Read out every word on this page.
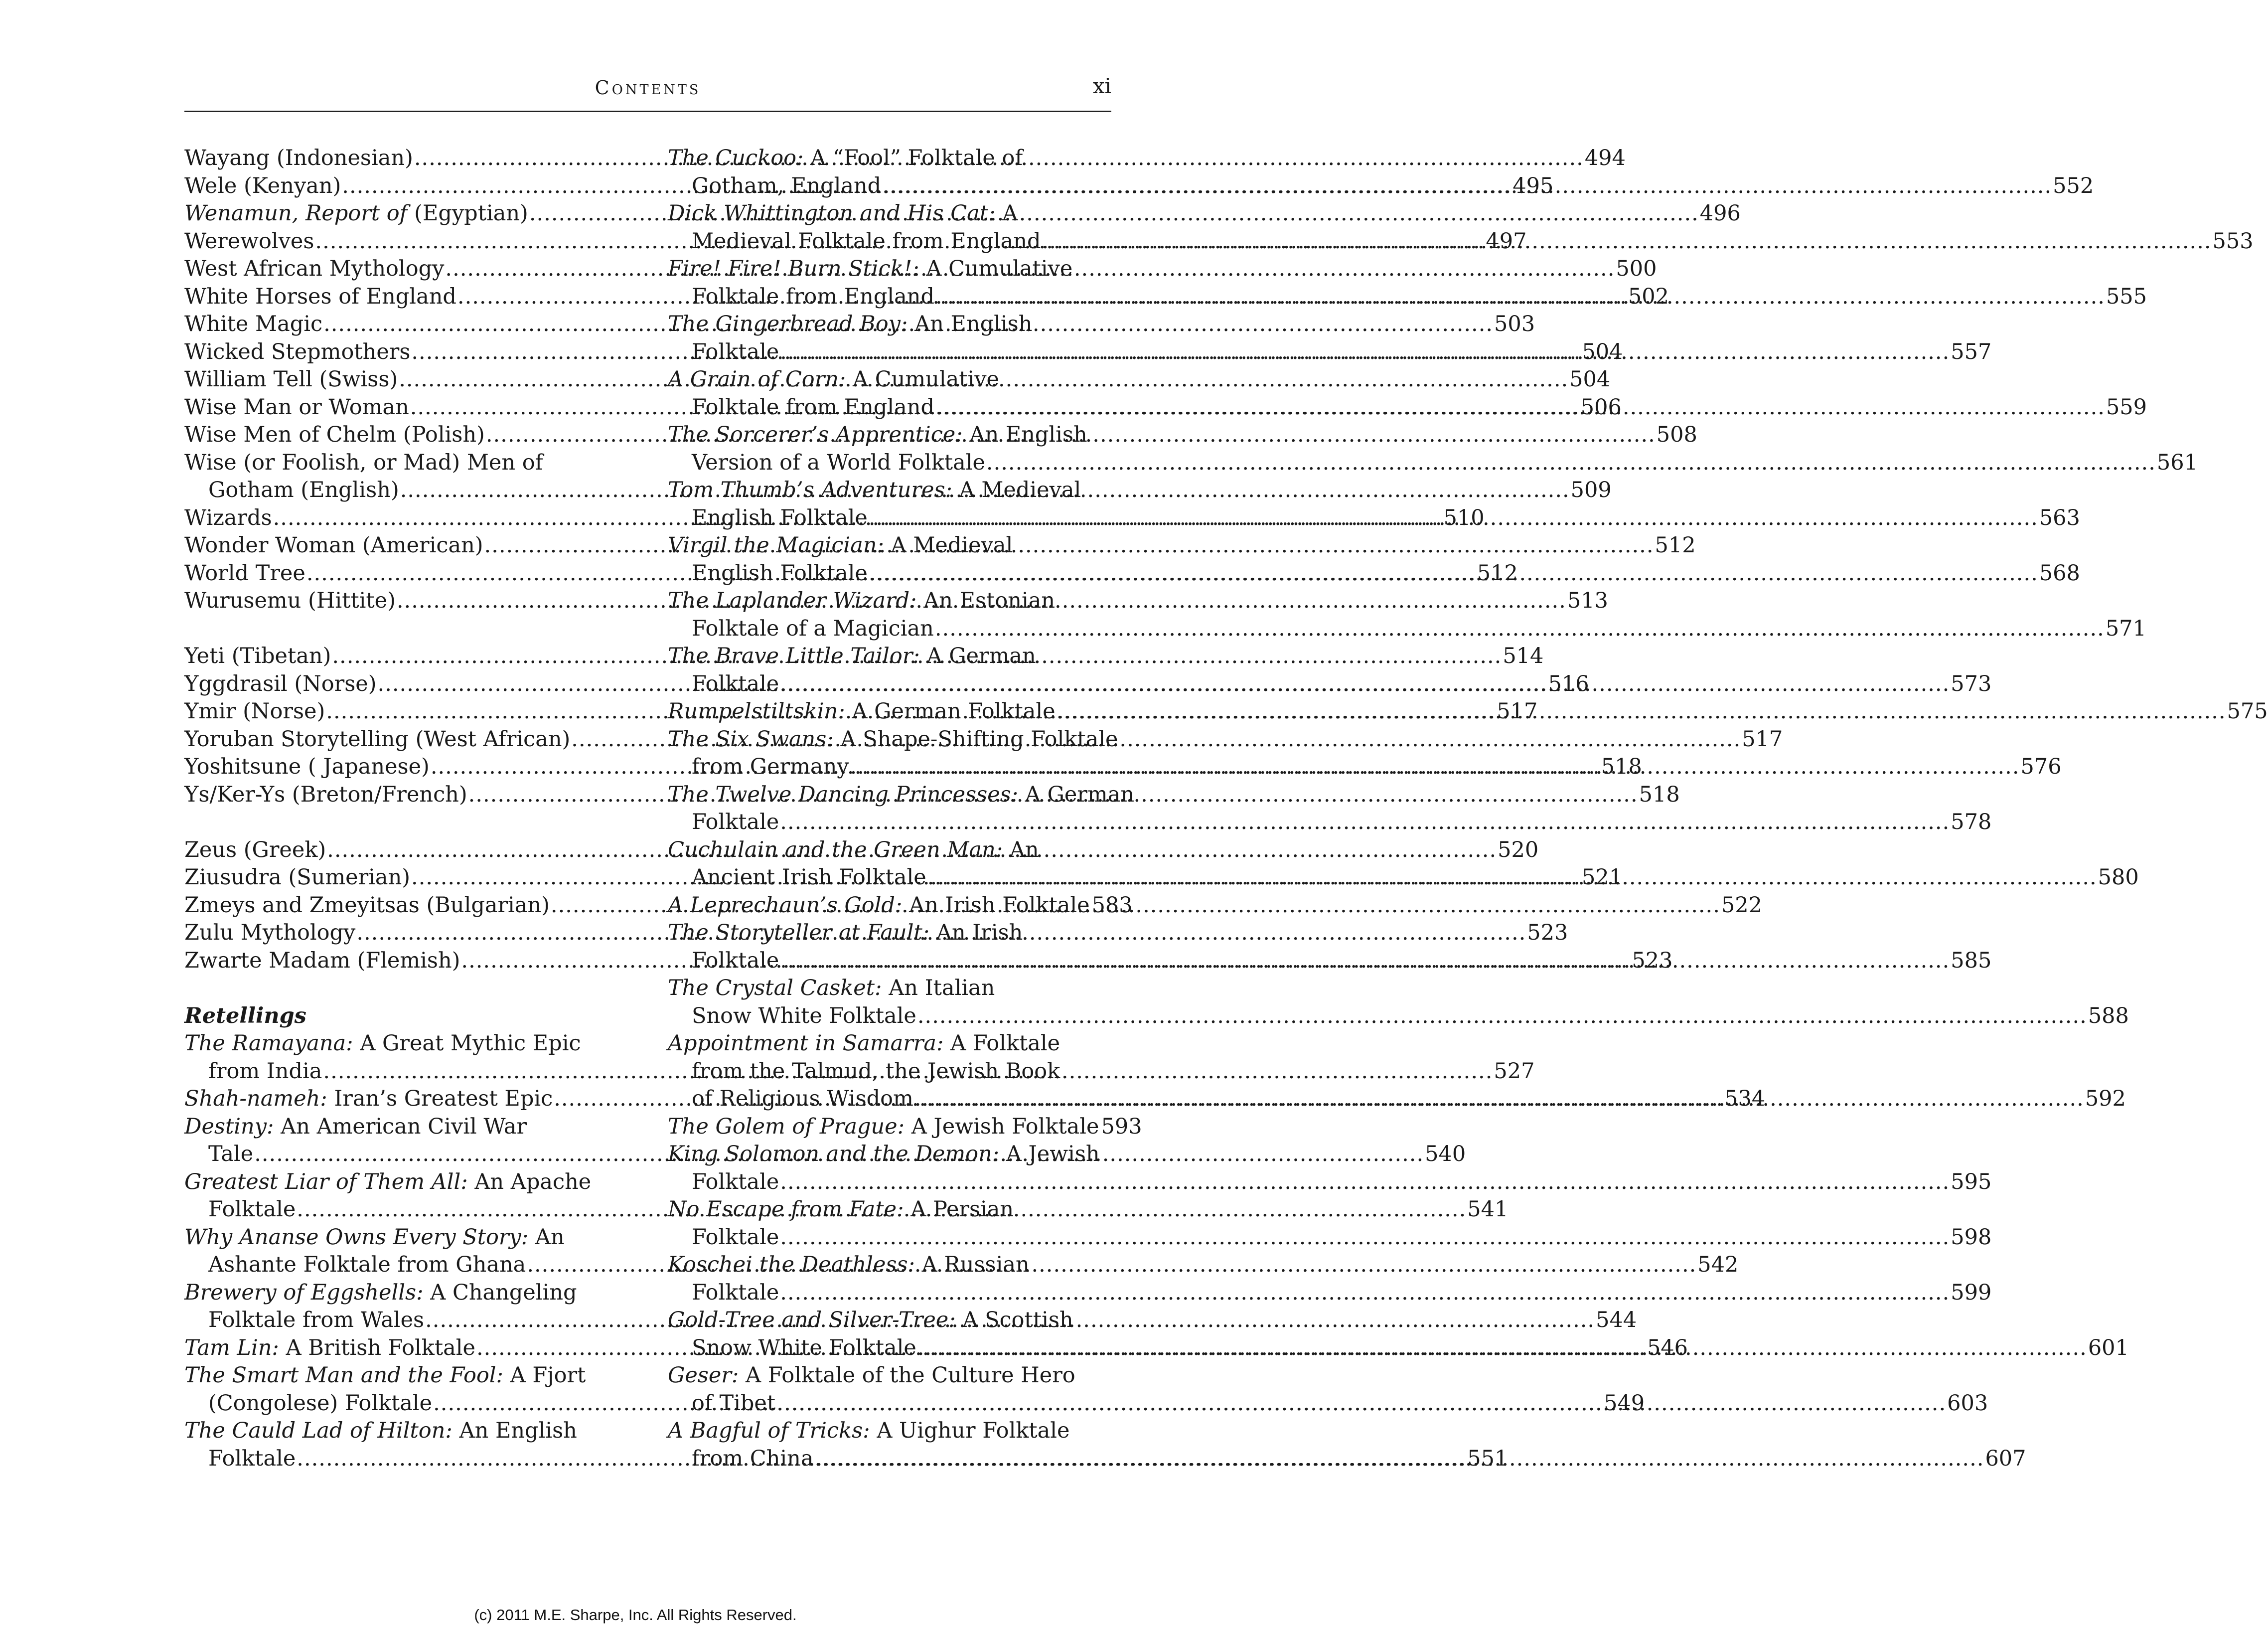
Contents	xi
Wayang (Indonesian) .....	494
Wele (Kenyan) .....	495
Wenamun, Report of (Egyptian) .....	496
Werewolves .....	497
West African Mythology .....	500
White Horses of England .....	502
White Magic .....	503
Wicked Stepmothers .....	504
William Tell (Swiss) .....	504
Wise Man or Woman .....	506
Wise Men of Chelm (Polish) .....	508
Wise (or Foolish, or Mad) Men of
Gotham (English) .....	509
Wizards .....	510
Wonder Woman (American) .....	512
World Tree .....	512
Wurusemu (Hittite) .....	513
Yeti (Tibetan) .....	514
Yggdrasil (Norse) .....	516
Ymir (Norse) .....	517
Yoruban Storytelling (West African) .....	517
Yoshitsune ( Japanese) .....	518
Ys/Ker-Ys (Breton/French) .....	518
Zeus (Greek) .....	520
Ziusudra (Sumerian) .....	521
Zmeys and Zmeyitsas (Bulgarian) .....	522
Zulu Mythology .....	523
Zwarte Madam (Flemish) .....	523
Retellings
The Ramayana: A Great Mythic Epic
from India .....	527
Shah-nameh: Iran’s Greatest Epic .....	534
Destiny: An American Civil War
Tale .....	540
Greatest Liar of Them All: An Apache
Folktale .....	541
Why Ananse Owns Every Story: An
Ashante Folktale from Ghana .....	542
Brewery of Eggshells: A Changeling
Folktale from Wales .....	544
Tam Lin: A British Folktale .....	546
The Smart Man and the Fool: A Fjort
(Congolese) Folktale .....	549
The Cauld Lad of Hilton: An English
Folktale .....	551
The Cuckoo: A “Fool” Folktale of
Gotham, England .....	552
Dick Whittington and His Cat: A
Medieval Folktale from England .....	553
Fire! Fire! Burn Stick!: A Cumulative
Folktale from England .....	555
The Gingerbread Boy: An English
Folktale .....	557
A Grain of Corn: A Cumulative
Folktale from England .....	559
The Sorcerer’s Apprentice: An English
Version of a World Folktale .....	561
Tom Thumb’s Adventures: A Medieval
English Folktale .....	563
Virgil the Magician: A Medieval
English Folktale .....	568
The Laplander Wizard: An Estonian
Folktale of a Magician .....	571
The Brave Little Tailor: A German
Folktale .....	573
Rumpelstiltskin: A German Folktale .....	575
The Six Swans: A Shape-Shifting Folktale
from Germany .....	576
The Twelve Dancing Princesses: A German
Folktale .....	578
Cuchulain and the Green Man: An
Ancient Irish Folktale .....	580
A Leprechaun’s Gold: An Irish Folktale 583
The Storyteller at Fault: An Irish
Folktale .....	585
The Crystal Casket: An Italian
Snow White Folktale .....	588
Appointment in Samarra: A Folktale
from the Talmud, the Jewish Book
of Religious Wisdom .....	592
The Golem of Prague: A Jewish Folktale 593
King Solomon and the Demon: A Jewish
Folktale .....	595
No Escape from Fate: A Persian
Folktale .....	598
Koschei the Deathless: A Russian
Folktale .....	599
Gold-Tree and Silver-Tree: A Scottish
Snow White Folktale .....	601
Geser: A Folktale of the Culture Hero
of Tibet .....	603
A Bagful of Tricks: A Uighur Folktale
from China .....	607
(c) 2011 M.E. Sharpe, Inc. All Rights Reserved.
